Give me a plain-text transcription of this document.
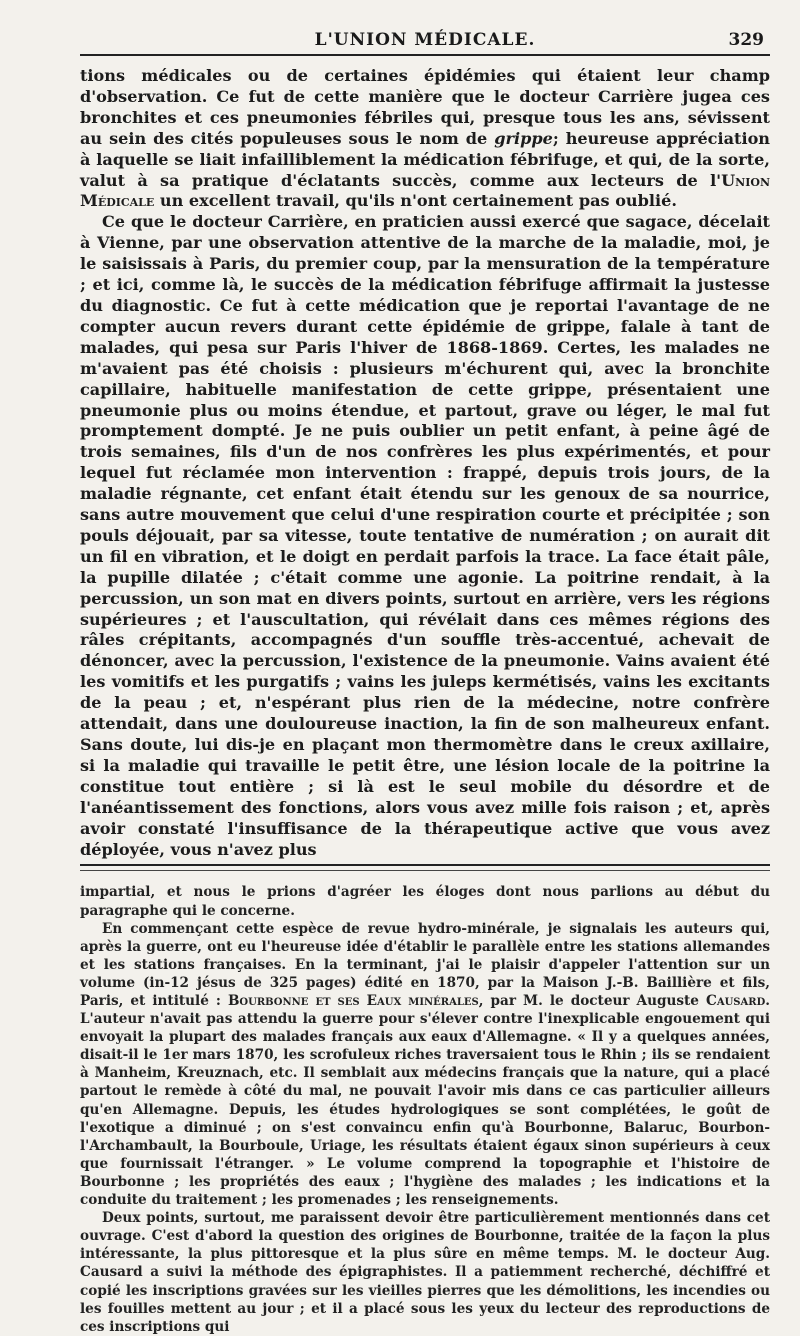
L'UNION MÉDICALE.	329

tions médicales ou de certaines épidémies qui étaient leur champ d'observation. Ce fut de cette manière que le docteur Carrière jugea ces bronchites et ces pneumonies fébriles qui, presque tous les ans, sévissent au sein des cités populeuses sous le nom de grippe; heureuse appréciation à laquelle se liait infailliblement la médication fébrifuge, et qui, de la sorte, valut à sa pratique d'éclatants succès, comme aux lecteurs de l'Union Médicale un excellent travail, qu'ils n'ont certainement pas oublié.

Ce que le docteur Carrière, en praticien aussi exercé que sagace, décelait à Vienne, par une observation attentive de la marche de la maladie, moi, je le saisissais à Paris, du premier coup, par la mensuration de la température ; et ici, comme là, le succès de la médication fébrifuge affirmait la justesse du diagnostic. Ce fut à cette médication que je reportai l'avantage de ne compter aucun revers durant cette épidémie de grippe, falale à tant de malades, qui pesa sur Paris l'hiver de 1868-1869. Certes, les malades ne m'avaient pas été choisis : plusieurs m'échurent qui, avec la bronchite capillaire, habituelle manifestation de cette grippe, présentaient une pneumonie plus ou moins étendue, et partout, grave ou léger, le mal fut promptement dompté. Je ne puis oublier un petit enfant, à peine âgé de trois semaines, fils d'un de nos confrères les plus expérimentés, et pour lequel fut réclamée mon intervention : frappé, depuis trois jours, de la maladie régnante, cet enfant était étendu sur les genoux de sa nourrice, sans autre mouvement que celui d'une respiration courte et précipitée ; son pouls déjouait, par sa vitesse, toute tentative de numération ; on aurait dit un fil en vibration, et le doigt en perdait parfois la trace. La face était pâle, la pupille dilatée ; c'était comme une agonie. La poitrine rendait, à la percussion, un son mat en divers points, surtout en arrière, vers les régions supérieures ; et l'auscultation, qui révélait dans ces mêmes régions des râles crépitants, accompagnés d'un souffle très-accentué, achevait de dénoncer, avec la percussion, l'existence de la pneumonie. Vains avaient été les vomitifs et les purgatifs ; vains les juleps kermétisés, vains les excitants de la peau ; et, n'espérant plus rien de la médecine, notre confrère attendait, dans une douloureuse inaction, la fin de son malheureux enfant. Sans doute, lui dis-je en plaçant mon thermomètre dans le creux axillaire, si la maladie qui travaille le petit être, une lésion locale de la poitrine la constitue tout entière ; si là est le seul mobile du désordre et de l'anéantissement des fonctions, alors vous avez mille fois raison ; et, après avoir constaté l'insuffisance de la thérapeutique active que vous avez déployée, vous n'avez plus

impartial, et nous le prions d'agréer les éloges dont nous parlions au début du paragraphe qui le concerne.

En commençant cette espèce de revue hydro-minérale, je signalais les auteurs qui, après la guerre, ont eu l'heureuse idée d'établir le parallèle entre les stations allemandes et les stations françaises. En la terminant, j'ai le plaisir d'appeler l'attention sur un volume (in-12 jésus de 325 pages) édité en 1870, par la Maison J.-B. Baillière et fils, Paris, et intitulé : Bourbonne et ses Eaux minérales, par M. le docteur Auguste Causard. L'auteur n'avait pas attendu la guerre pour s'élever contre l'inexplicable engouement qui envoyait la plupart des malades français aux eaux d'Allemagne. « Il y a quelques années, disait-il le 1er mars 1870, les scrofuleux riches traversaient tous le Rhin ; ils se rendaient à Manheim, Kreuznach, etc. Il semblait aux médecins français que la nature, qui a placé partout le remède à côté du mal, ne pouvait l'avoir mis dans ce cas particulier ailleurs qu'en Allemagne. Depuis, les études hydrologiques se sont complétées, le goût de l'exotique a diminué ; on s'est convaincu enfin qu'à Bourbonne, Balaruc, Bourbon-l'Archambault, la Bourboule, Uriage, les résultats étaient égaux sinon supérieurs à ceux que fournissait l'étranger. » Le volume comprend la topographie et l'histoire de Bourbonne ; les propriétés des eaux ; l'hygiène des malades ; les indications et la conduite du traitement ; les promenades ; les renseignements.

Deux points, surtout, me paraissent devoir être particulièrement mentionnés dans cet ouvrage. C'est d'abord la question des origines de Bourbonne, traitée de la façon la plus intéressante, la plus pittoresque et la plus sûre en même temps. M. le docteur Aug. Causard a suivi la méthode des épigraphistes. Il a patiemment recherché, déchiffré et copié les inscriptions gravées sur les vieilles pierres que les démolitions, les incendies ou les fouilles mettent au jour ; et il a placé sous les yeux du lecteur des reproductions de ces inscriptions qui
